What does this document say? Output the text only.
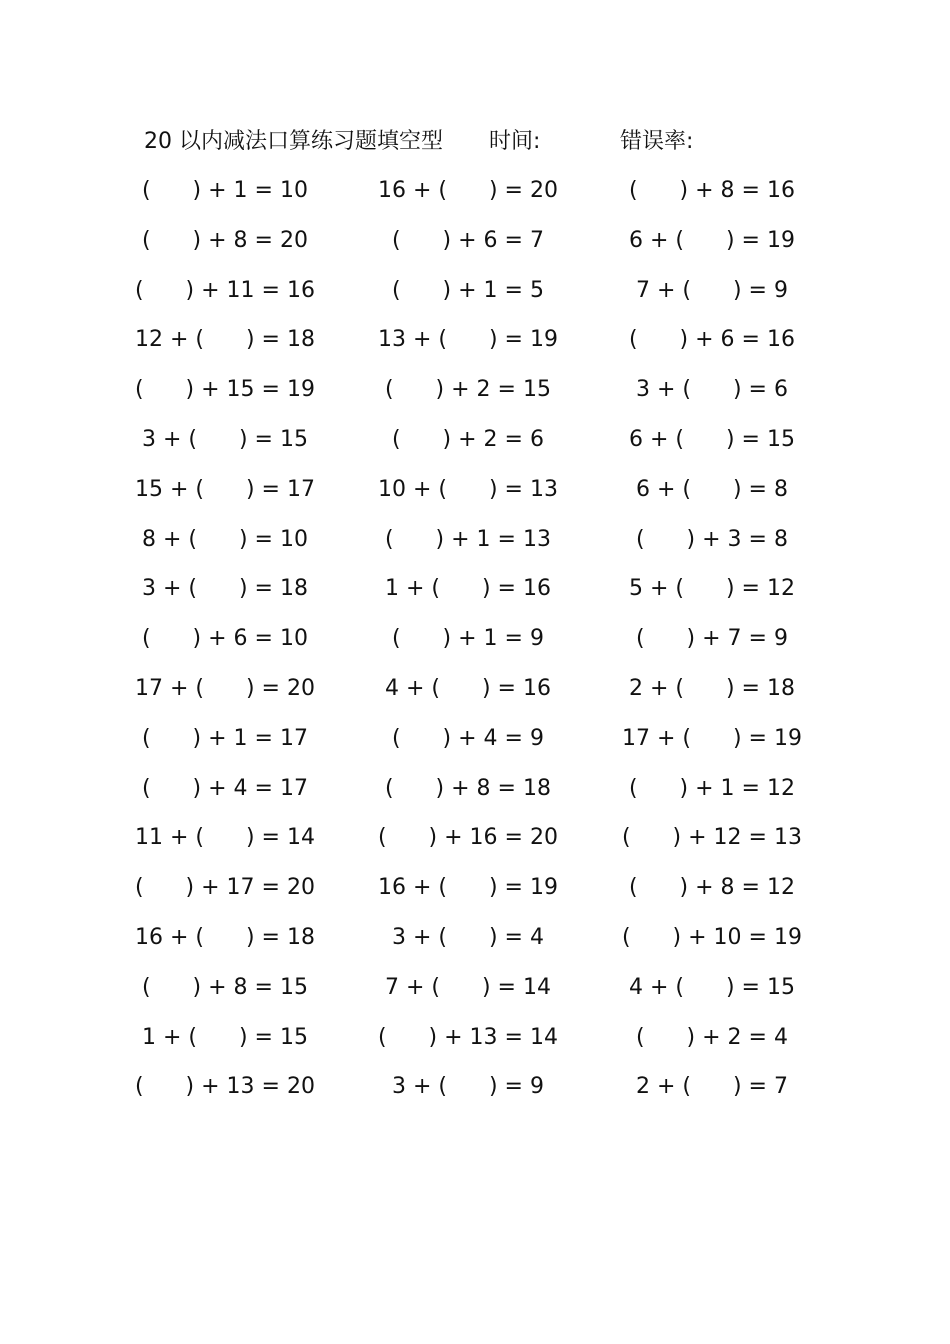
20 以内减法口算练习题填空型 时间:	错误率:
(      ) + 1 = 10	16 + (      ) = 20	(      ) + 8 = 16
(      ) + 8 = 20	(      ) + 6 = 7	6 + (      ) = 19
(      ) + 11 = 16	(      ) + 1 = 5	7 + (      ) = 9
12 + (      ) = 18	13 + (      ) = 19	(      ) + 6 = 16
(      ) + 15 = 19	(      ) + 2 = 15	3 + (      ) = 6
3 + (      ) = 15	(      ) + 2 = 6	6 + (      ) = 15
15 + (      ) = 17	10 + (      ) = 13	6 + (      ) = 8
8 + (      ) = 10	(      ) + 1 = 13	(      ) + 3 = 8
3 + (      ) = 18	1 + (      ) = 16	5 + (      ) = 12
(      ) + 6 = 10	(      ) + 1 = 9	(      ) + 7 = 9
17 + (      ) = 20	4 + (      ) = 16	2 + (      ) = 18
(      ) + 1 = 17	(      ) + 4 = 9	17 + (      ) = 19
(      ) + 4 = 17	(      ) + 8 = 18	(      ) + 1 = 12
11 + (      ) = 14	(      ) + 16 = 20	(      ) + 12 = 13
(      ) + 17 = 20	16 + (      ) = 19	(      ) + 8 = 12
16 + (      ) = 18	3 + (      ) = 4	(      ) + 10 = 19
(      ) + 8 = 15	7 + (      ) = 14	4 + (      ) = 15
1 + (      ) = 15	(      ) + 13 = 14	(      ) + 2 = 4
(      ) + 13 = 20	3 + (      ) = 9	2 + (      ) = 7
